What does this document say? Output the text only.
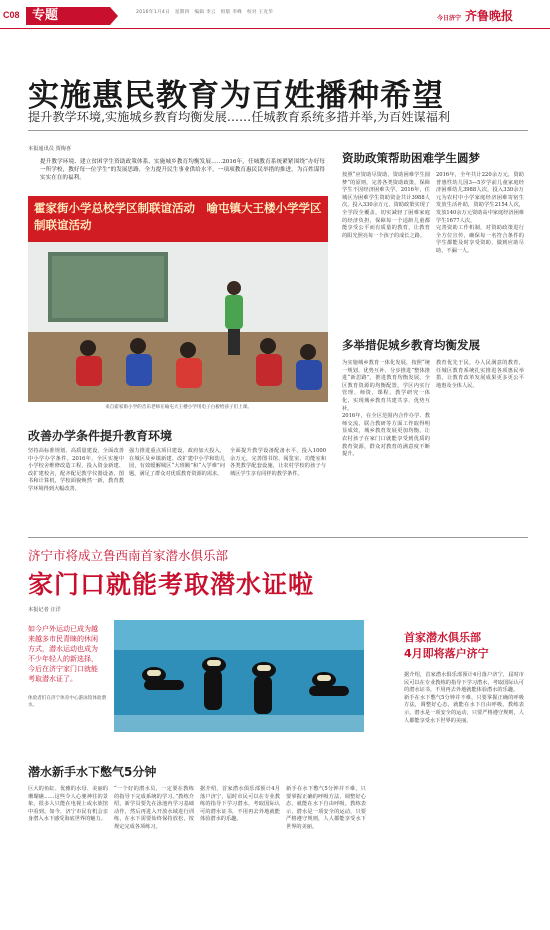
C08 专题	2016年1月4日　星期四　编辑 李云　组版 李峰　校对 王克华
今日济宁 齐鲁晚报
实施惠民教育为百姓播种希望
提升教学环境,实施城乡教育均衡发展……任城教育系统多措并举,为百姓谋福利
本报通讯员 贾梅喜
提升教学环境、建立贫困学生资助政策体系、实施城乡教育均衡发展……2016年，任城教育系统紧紧围绕“办好每一所学校，教好每一位学生”的发展思路，全力提升民生事业供给水平，一项项教育惠民民举措的推进，为百姓谋得实实在在的福利。
霍家街小学总校学区制联谊活动　喻屯镇大王楼小学学区制联谊活动
来自霍家街小学的音乐老师在喻屯大王楼小学用电子白板给孩子们上课。
改善办学条件提升教育环境

坚持高标准规划、高质量建设，全面改善中小学办学条件。2016年，全区实施中小学校舍维修改造工程，投入资金新建、改扩建校舍，配齐配足教学仪器设备、图书和计算机，学校面貌焕然一新，教育教学环境得到大幅改善。

强力推进重点项目建设，政府加大投入，在城区及乡镇新建、改扩建中小学和幼儿园，有效缓解城区“大班额”和“入学难”问题，满足了群众对优质教育资源的需求。

全面提升教学设备配备水平，投入1000余万元，完善图书馆、阅览室、功能室和各类教学配套设施，让农村学校的孩子与城区学生享有同样的教学条件。

资助政策帮助困难学生圆梦

按照“应资助尽资助，资助困难学生圆梦”的原则，完善各类资助政策，保障学生不因经济困难失学。2016年，任城区为困难学生资助资金共计3988人次，投入330余万元，资助政策实现了全学段全覆盖，切实减轻了困难家庭的经济负担，保障每一个适龄儿童都能享受公平而有质量的教育，让教育的阳光照亮每一个孩子的成长之路。

2016年，全年共计220余万元，资助普惠性幼儿园3—5岁学前儿童家庭经济困难幼儿3988人次，投入330余万元为农村中小学家庭经济困难寄宿生发放生活补助，资助学生2154人次，发放140余万元资助高中家庭经济困难学生1677人次。

完善资助工作机制，对资助政策进行全方位宣传，确保每一名符合条件的学生都能及时享受资助，做到应助尽助、不漏一人。

多举措促城乡教育均衡发展

为实施城乡教育一体化发展，按照“统一规划、优势互补、分步推进”整体推进“新思路”，推进教育均衡发展，全区教育资源的均衡配置，学区内实行管理、师资、课程、教学研究一体化，实现城乡教育共建共享、优势互补。

2016年，在全区范围内合作办学、教师交流、联合教研等方面工作取得明显成效，城乡教育发展更加均衡，让农村孩子在家门口就能享受到优质的教育资源，群众对教育的满意度不断提升。

教育优先于民，办人民满意的教育，任城区教育系统扎实推进各项惠民举措，让教育改革发展成果更多更公平地惠及全体人民。

济宁市将成立鲁西南首家潜水俱乐部
家门口就能考取潜水证啦
本报记者 汪洋
如今户外运动已成为越来越多市民青睐的休闲方式，潜水运动也成为不少年轻人的新选择，今后在济宁家门口就能考取潜水证了。
体验者们在济宁体育中心游泳馆体验潜水。
首家潜水俱乐部
4月即将落户济宁

据介绍，首家潜水俱乐部预计4月落户济宁，届时市民可以在专业教练的指导下学习潜水，考取国际认可的潜水证书，不用再去外地就能体验潜水的乐趣。

新手在水下憋气5分钟并不难，只要掌握正确的呼吸方法，调整好心态，就能在水下自由呼吸。教练表示，潜水是一项安全的运动，只要严格遵守规则，人人都能享受水下世界的美丽。

潜水新手水下憋气5分钟

巨大的鱼缸、优雅的水母、美丽的珊瑚礁……这些令人心驰神往的景象，很多人只能在电视上或水族馆中看到。如今，济宁市民有机会亲身潜入水下感受海底世界的魅力。

“一个好的潜水员，一定要在教练的指导下完成系统的学习。”教练介绍，新学员要先在泳池内学习基础动作，然后再进入开放水域进行训练，在水下需要始终保持放松，按规定完成各项练习。

据介绍，首家潜水俱乐部预计4月落户济宁，届时市民可以在专业教练的指导下学习潜水，考取国际认可的潜水证书，不用再去外地就能体验潜水的乐趣。

新手在水下憋气5分钟并不难，只要掌握正确的呼吸方法，调整好心态，就能在水下自由呼吸。教练表示，潜水是一项安全的运动，只要严格遵守规则，人人都能享受水下世界的美丽。
